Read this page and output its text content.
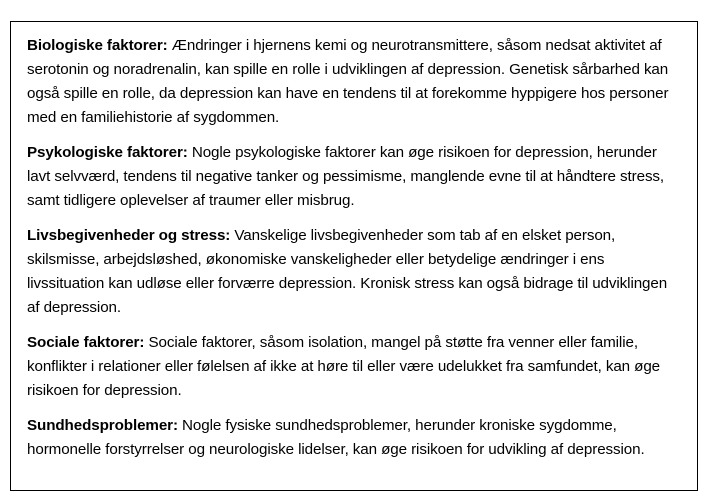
Biologiske faktorer: Ændringer i hjernens kemi og neurotransmittere, såsom nedsat aktivitet af serotonin og noradrenalin, kan spille en rolle i udviklingen af depression. Genetisk sårbarhed kan også spille en rolle, da depression kan have en tendens til at forekomme hyppigere hos personer med en familiehistorie af sygdommen.

Psykologiske faktorer: Nogle psykologiske faktorer kan øge risikoen for depression, herunder lavt selvværd, tendens til negative tanker og pessimisme, manglende evne til at håndtere stress, samt tidligere oplevelser af traumer eller misbrug.

Livsbegivenheder og stress: Vanskelige livsbegivenheder som tab af en elsket person, skilsmisse, arbejdsløshed, økonomiske vanskeligheder eller betydelige ændringer i ens livssituation kan udløse eller forværre depression. Kronisk stress kan også bidrage til udviklingen af depression.

Sociale faktorer: Sociale faktorer, såsom isolation, mangel på støtte fra venner eller familie, konflikter i relationer eller følelsen af ikke at høre til eller være udelukket fra samfundet, kan øge risikoen for depression.

Sundhedsproblemer: Nogle fysiske sundhedsproblemer, herunder kroniske sygdomme, hormonelle forstyrrelser og neurologiske lidelser, kan øge risikoen for udvikling af depression.
